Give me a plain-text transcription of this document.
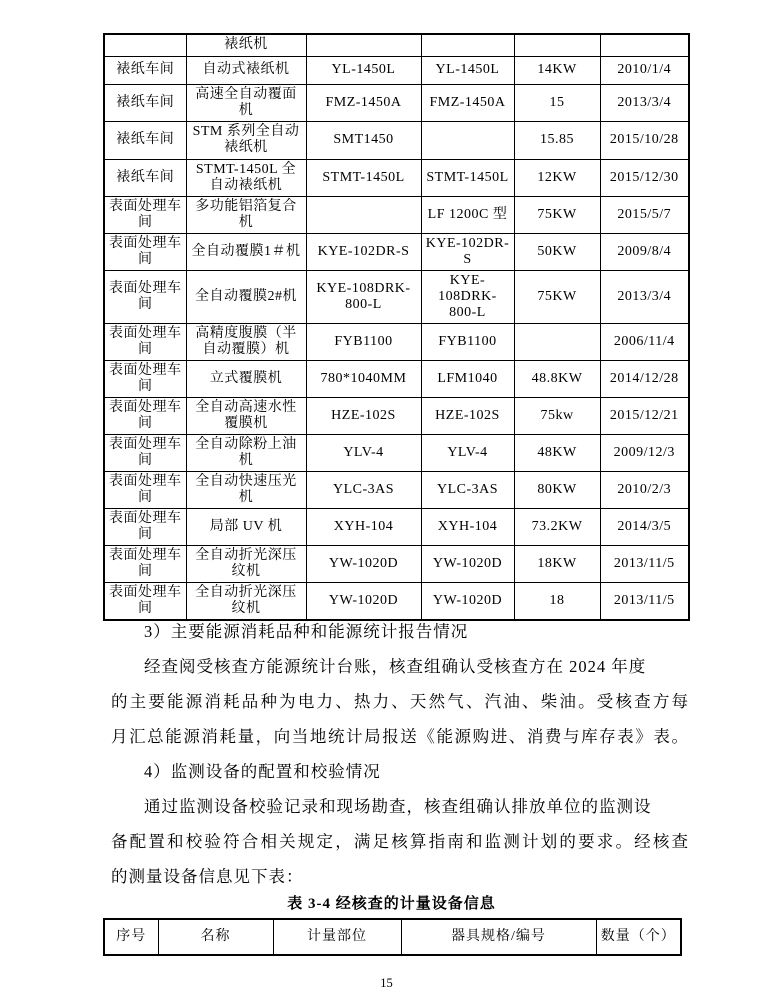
	裱纸机				
裱纸车间	自动式裱纸机	YL-1450L	YL-1450L	14KW	2010/1/4
裱纸车间	高速全自动覆面机	FMZ-1450A	FMZ-1450A	15	2013/3/4
裱纸车间	STM 系列全自动裱纸机	SMT1450		15.85	2015/10/28
裱纸车间	STMT-1450L 全自动裱纸机	STMT-1450L	STMT-1450L	12KW	2015/12/30
表面处理车间	多功能铝箔复合机		LF 1200C 型	75KW	2015/5/7
表面处理车间	全自动覆膜1＃机	KYE-102DR-S	KYE-102DR-S	50KW	2009/8/4
表面处理车间	全自动覆膜2#机	KYE-108DRK-800-L	KYE-108DRK-800-L	75KW	2013/3/4
表面处理车间	高精度腹膜（半自动覆膜）机	FYB1100	FYB1100		2006/11/4
表面处理车间	立式覆膜机	780*1040MM	LFM1040	48.8KW	2014/12/28
表面处理车间	全自动高速水性覆膜机	HZE-102S	HZE-102S	75kw	2015/12/21
表面处理车间	全自动除粉上油机	YLV-4	YLV-4	48KW	2009/12/3
表面处理车间	全自动快速压光机	YLC-3AS	YLC-3AS	80KW	2010/2/3
表面处理车间	局部 UV 机	XYH-104	XYH-104	73.2KW	2014/3/5
表面处理车间	全自动折光深压纹机	YW-1020D	YW-1020D	18KW	2013/11/5
表面处理车间	全自动折光深压纹机	YW-1020D	YW-1020D	18	2013/11/5
3）主要能源消耗品种和能源统计报告情况
经查阅受核查方能源统计台账，核查组确认受核查方在 2024 年度
的主要能源消耗品种为电力、热力、天然气、汽油、柴油。受核查方每
月汇总能源消耗量，向当地统计局报送《能源购进、消费与库存表》表。
4）监测设备的配置和校验情况
通过监测设备校验记录和现场勘查，核查组确认排放单位的监测设
备配置和校验符合相关规定，满足核算指南和监测计划的要求。经核查
的测量设备信息见下表：
表 3-4 经核查的计量设备信息
序号	名称	计量部位	器具规格/编号	数量（个）
15
